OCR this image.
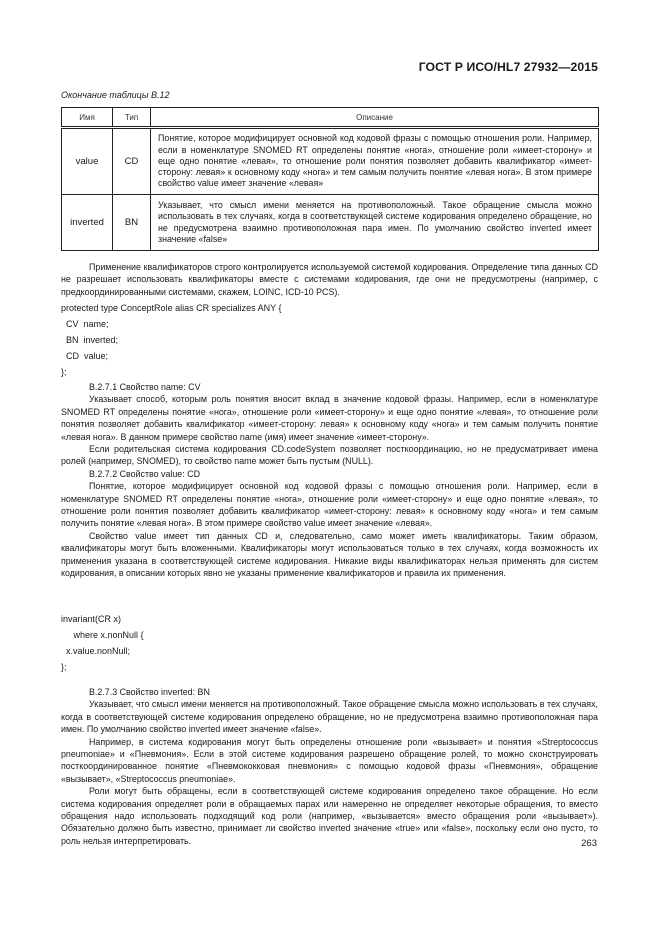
ГОСТ Р ИСО/HL7 27932—2015
Окончание таблицы В.12
Имя	Тип	Описание
value	CD	Понятие, которое модифицирует основной код кодовой фразы с помощью отношения роли. Например, если в номенклатуре SNOMED RT определены понятие «нога», отношение роли «имеет-сторону» и еще одно понятие «левая», то отношение роли понятия позволяет добавить квалификатор «имеет-сторону: левая» к основному коду «нога» и тем самым получить понятие «левая нога». В этом примере свойство value имеет значение «левая»
inverted	BN	Указывает, что смысл имени меняется на противоположный. Такое обращение смысла можно использовать в тех случаях, когда в соответствующей системе кодирования определено обращение, но не предусмотрена взаимно противоположная пара имен. По умолчанию свойство inverted имеет значение «false»

Применение квалификаторов строго контролируется используемой системой кодирования. Определение типа данных CD не разрешает использовать квалификаторы вместе с системами кодирования, где они не предусмотрены (например, с предкоординированными системами, скажем, LOINC, ICD-10 PCS).

protected type ConceptRole alias CR specializes ANY {
CV  name;
BN  inverted;
CD  value;
};

В.2.7.1 Свойство name: CV

Указывает способ, которым роль понятия вносит вклад в значение кодовой фразы. Например, если в номенклатуре SNOMED RT определены понятие «нога», отношение роли «имеет-сторону» и еще одно понятие «левая», то отношение роли понятия позволяет добавить квалификатор «имеет-сторону: левая» к основному коду «нога» и тем самым получить понятие «левая нога». В данном примере свойство name (имя) имеет значение «имеет-сторону».

Если родительская система кодирования CD.codeSystem позволяет посткоординацию, но не предусматривает имена ролей (например, SNOMED), то свойство name может быть пустым (NULL).

В.2.7.2 Свойство value: CD

Понятие, которое модифицирует основной код кодовой фразы с помощью отношения роли. Например, если в номенклатуре SNOMED RT определены понятие «нога», отношение роли «имеет-сторону» и еще одно понятие «левая», то отношение роли понятия позволяет добавить квалификатор «имеет-сторону: левая» к основному коду «нога» и тем самым получить понятие «левая нога». В этом примере свойство value имеет значение «левая».

Свойство value имеет тип данных CD и, следовательно, само может иметь квалификаторы. Таким образом, квалификаторы могут быть вложенными. Квалификаторы могут использоваться только в тех случаях, когда возможность их применения указана в соответствующей системе кодирования. Никакие виды квалификаторах нельзя применять для систем кодирования, в описании которых явно не указаны применение квалификаторов и правила их применения.

invariant(CR x)
where x.nonNull {
x.value.nonNull;
};

В.2.7.3 Свойство inverted: BN

Указывает, что смысл имени меняется на противоположный. Такое обращение смысла можно использовать в тех случаях, когда в соответствующей системе кодирования определено обращение, но не предусмотрена взаимно противоположная пара имен. По умолчанию свойство inverted имеет значение «false».

Например, в система кодирования могут быть определены отношение роли «вызывает» и понятия «Streptococcus pneumoniae» и «Пневмония». Если в этой системе кодирования разрешено обращение ролей, то можно сконструировать посткоординированное понятие «Пневмококковая пневмония» с помощью кодовой фразы «Пневмония», обращение «вызывает», «Streptococcus pneumoniae».

Роли могут быть обращены, если в соответствующей системе кодирования определено такое обращение. Но если система кодирования определяет роли в обращаемых парах или намеренно не определяет некоторые обращения, то вместо обращения надо использовать подходящий код роли (например, «вызывается» вместо обращения роли «вызывает»). Обязательно должно быть известно, принимает ли свойство inverted значение «true» или «false», поскольку если оно пусто, то роль нельзя интерпретировать.	263
